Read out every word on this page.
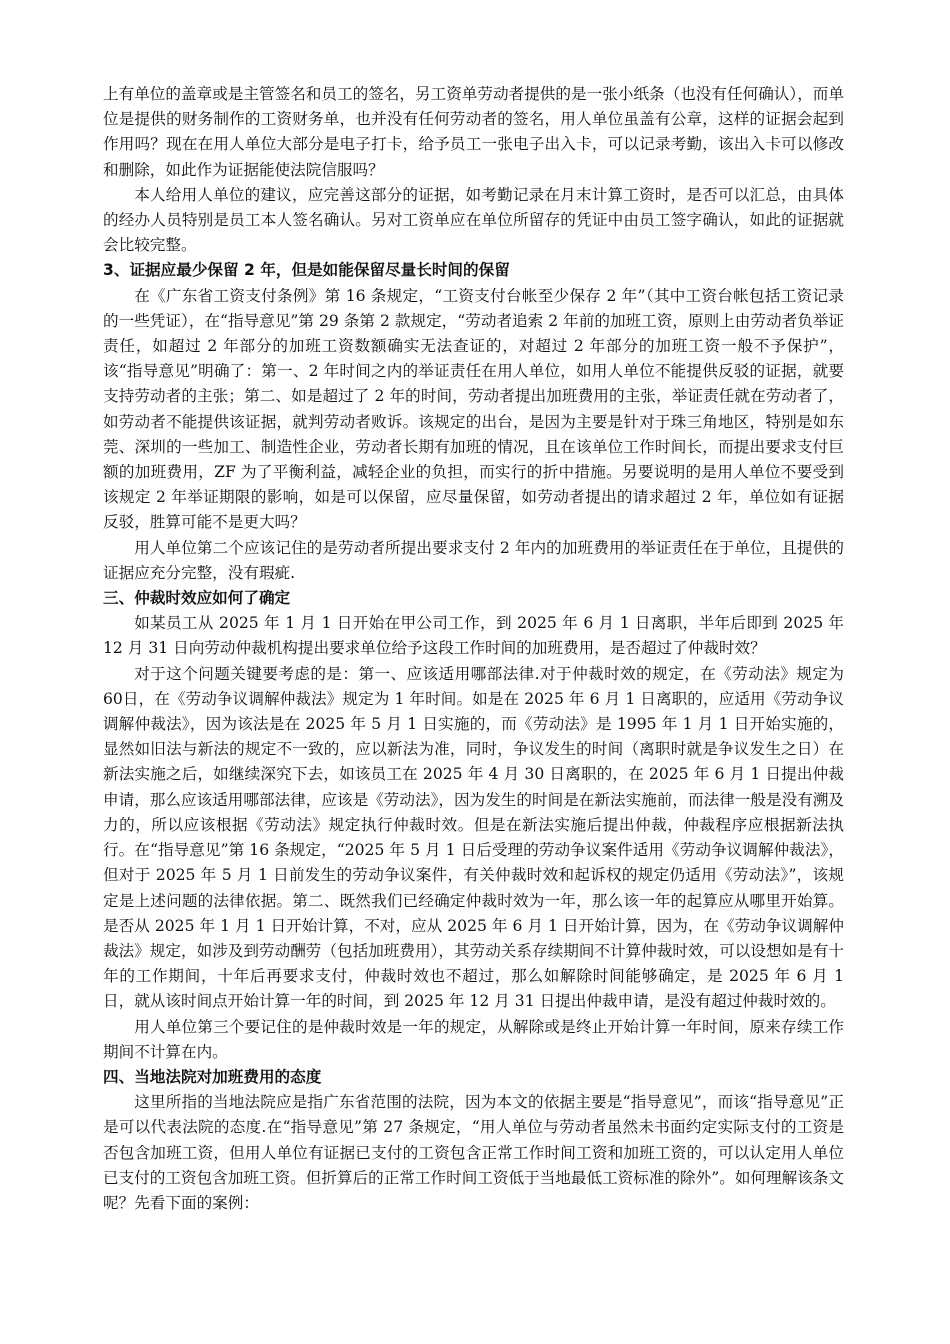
上有单位的盖章或是主管签名和员工的签名，另工资单劳动者提供的是一张小纸条（也没有任何确认），而单位是提供的财务制作的工资财务单，也并没有任何劳动者的签名，用人单位虽盖有公章，这样的证据会起到作用吗？现在在用人单位大部分是电子打卡，给予员工一张电子出入卡，可以记录考勤，该出入卡可以修改和删除，如此作为证据能使法院信服吗？

本人给用人单位的建议，应完善这部分的证据，如考勤记录在月末计算工资时，是否可以汇总，由具体的经办人员特别是员工本人签名确认。另对工资单应在单位所留存的凭证中由员工签字确认，如此的证据就会比较完整。

3、证据应最少保留 2 年，但是如能保留尽量长时间的保留

在《广东省工资支付条例》第 16 条规定，“工资支付台帐至少保存 2 年”（其中工资台帐包括工资记录的一些凭证），在“指导意见”第 29 条第 2 款规定，“劳动者追索 2 年前的加班工资，原则上由劳动者负举证责任，如超过 2 年部分的加班工资数额确实无法查证的，对超过 2 年部分的加班工资一般不予保护”，该“指导意见”明确了：第一、2 年时间之内的举证责任在用人单位，如用人单位不能提供反驳的证据，就要支持劳动者的主张；第二、如是超过了 2 年的时间，劳动者提出加班费用的主张，举证责任就在劳动者了，如劳动者不能提供该证据，就判劳动者败诉。该规定的出台，是因为主要是针对于珠三角地区，特别是如东莞、深圳的一些加工、制造性企业，劳动者长期有加班的情况，且在该单位工作时间长，而提出要求支付巨额的加班费用，ZF 为了平衡利益，减轻企业的负担，而实行的折中措施。另要说明的是用人单位不要受到该规定 2 年举证期限的影响，如是可以保留，应尽量保留，如劳动者提出的请求超过 2 年，单位如有证据反驳，胜算可能不是更大吗？

用人单位第二个应该记住的是劳动者所提出要求支付 2 年内的加班费用的举证责任在于单位，且提供的证据应充分完整，没有瑕疵.

三、仲裁时效应如何了确定

如某员工从 2025 年 1 月 1 日开始在甲公司工作，到 2025 年 6 月 1 日离职，半年后即到 2025 年 12 月 31 日向劳动仲裁机构提出要求单位给予这段工作时间的加班费用，是否超过了仲裁时效？

对于这个问题关键要考虑的是：第一、应该适用哪部法律.对于仲裁时效的规定，在《劳动法》规定为60日，在《劳动争议调解仲裁法》规定为 1 年时间。如是在 2025 年 6 月 1 日离职的，应适用《劳动争议调解仲裁法》，因为该法是在 2025 年 5 月 1 日实施的，而《劳动法》是 1995 年 1 月 1 日开始实施的，显然如旧法与新法的规定不一致的，应以新法为准，同时，争议发生的时间（离职时就是争议发生之日）在新法实施之后，如继续深究下去，如该员工在 2025 年 4 月 30 日离职的，在 2025 年 6 月 1 日提出仲裁申请，那么应该适用哪部法律，应该是《劳动法》，因为发生的时间是在新法实施前，而法律一般是没有溯及力的，所以应该根据《劳动法》规定执行仲裁时效。但是在新法实施后提出仲裁，仲裁程序应根据新法执行。在“指导意见”第 16 条规定，“2025 年 5 月 1 日后受理的劳动争议案件适用《劳动争议调解仲裁法》，但对于 2025 年 5 月 1 日前发生的劳动争议案件，有关仲裁时效和起诉权的规定仍适用《劳动法》”，该规定是上述问题的法律依据。第二、既然我们已经确定仲裁时效为一年，那么该一年的起算应从哪里开始算。是否从 2025 年 1 月 1 日开始计算，不对，应从 2025 年 6 月 1 日开始计算，因为，在《劳动争议调解仲裁法》规定，如涉及到劳动酬劳（包括加班费用），其劳动关系存续期间不计算仲裁时效，可以设想如是有十年的工作期间，十年后再要求支付，仲裁时效也不超过，那么如解除时间能够确定，是 2025 年 6 月 1 日，就从该时间点开始计算一年的时间，到 2025 年 12 月 31 日提出仲裁申请，是没有超过仲裁时效的。

用人单位第三个要记住的是仲裁时效是一年的规定，从解除或是终止开始计算一年时间，原来存续工作期间不计算在内。

四、当地法院对加班费用的态度

这里所指的当地法院应是指广东省范围的法院，因为本文的依据主要是“指导意见”，而该“指导意见”正是可以代表法院的态度.在“指导意见”第 27 条规定，“用人单位与劳动者虽然未书面约定实际支付的工资是否包含加班工资，但用人单位有证据已支付的工资包含正常工作时间工资和加班工资的，可以认定用人单位已支付的工资包含加班工资。但折算后的正常工作时间工资低于当地最低工资标准的除外”。如何理解该条文呢？先看下面的案例：
